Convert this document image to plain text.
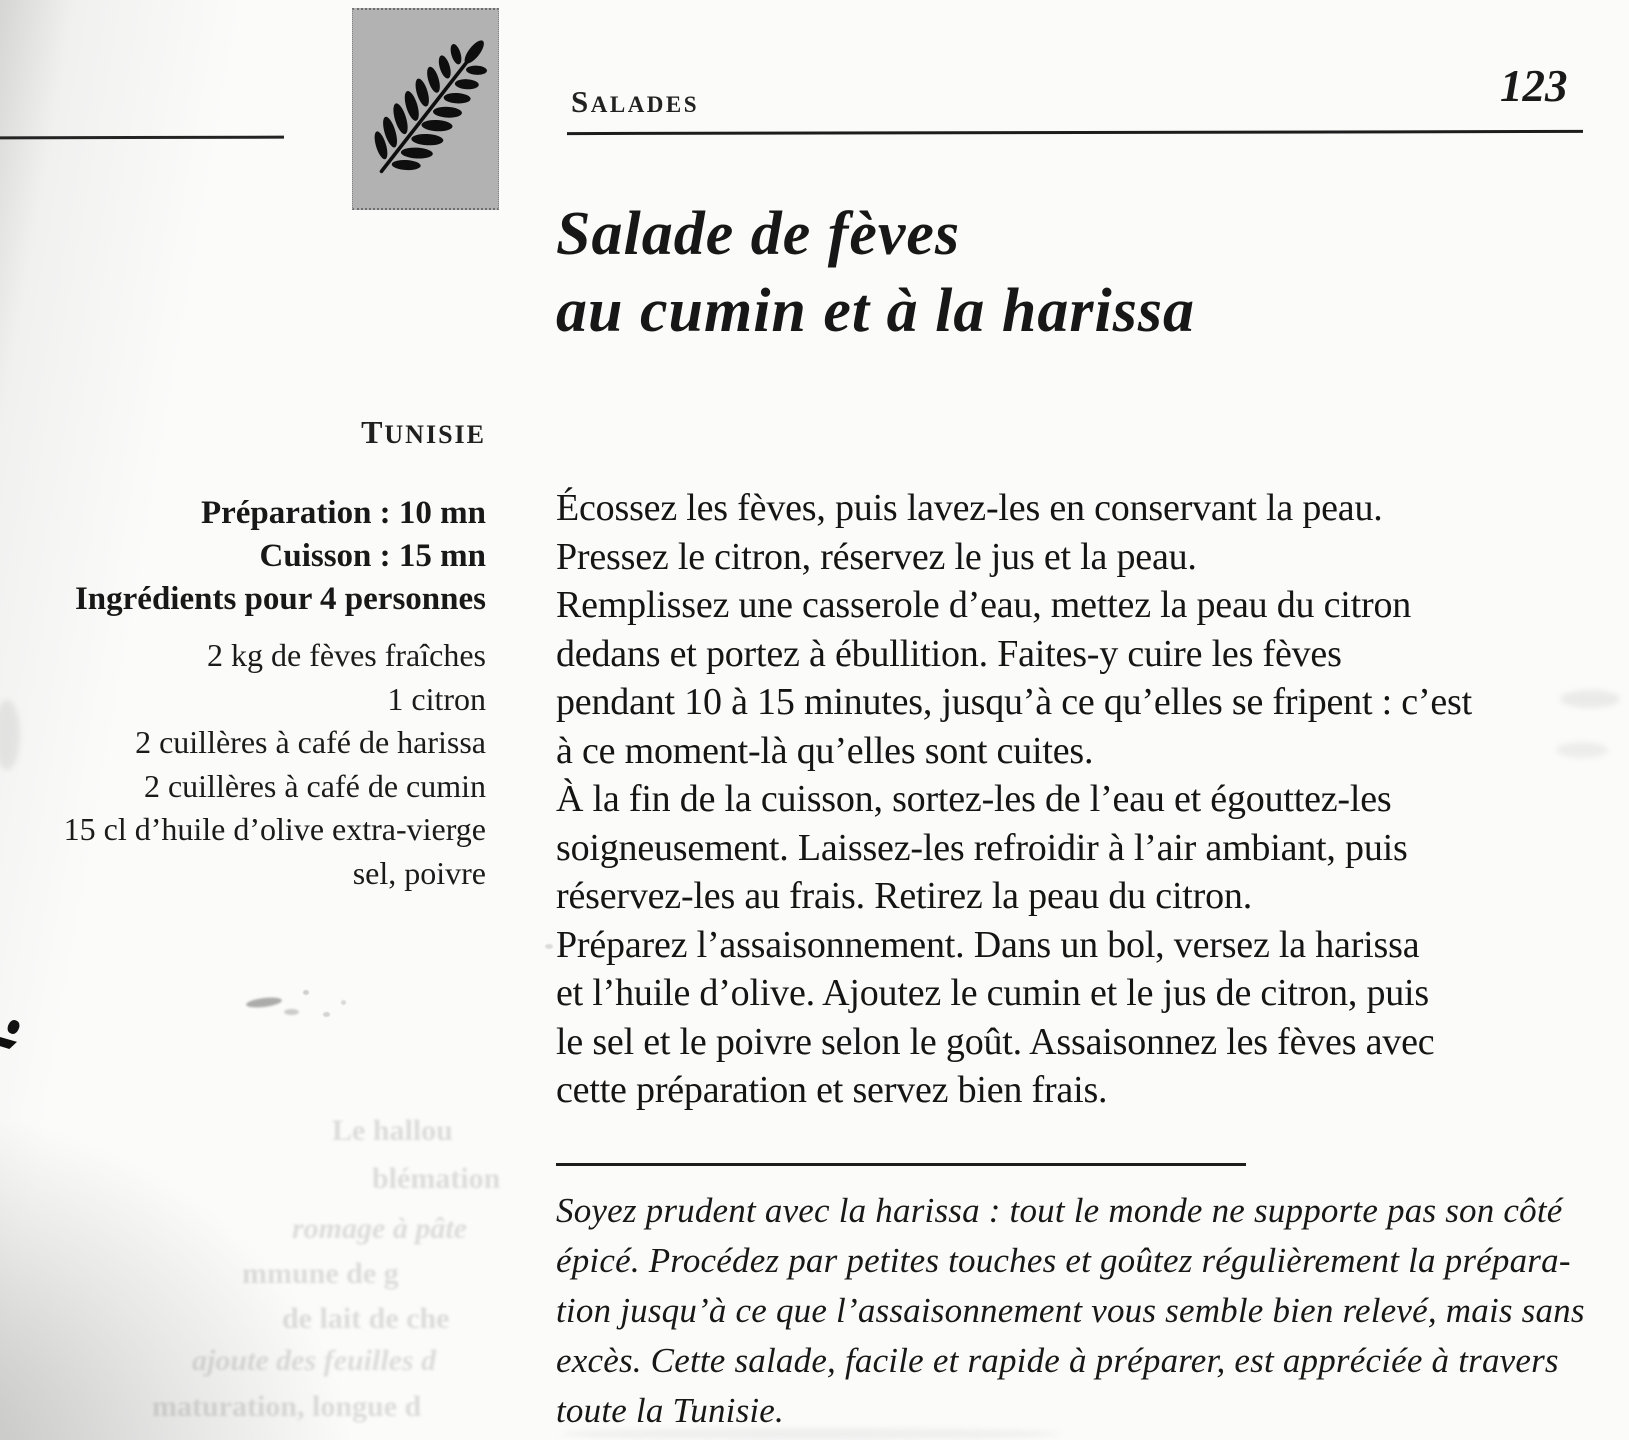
SALADES	123
Salade de fèves
au cumin et à la harissa
TUNISIE
Préparation : 10 mn
Cuisson : 15 mn
Ingrédients pour 4 personnes
2 kg de fèves fraîches
1 citron
2 cuillères à café de harissa
2 cuillères à café de cumin
15 cl d’huile d’olive extra-vierge
sel, poivre
Écossez les fèves, puis lavez-les en conservant la peau.
Pressez le citron, réservez le jus et la peau.
Remplissez une casserole d’eau, mettez la peau du citron
dedans et portez à ébullition. Faites-y cuire les fèves
pendant 10 à 15 minutes, jusqu’à ce qu’elles se fripent : c’est
à ce moment-là qu’elles sont cuites.
À la fin de la cuisson, sortez-les de l’eau et égouttez-les
soigneusement. Laissez-les refroidir à l’air ambiant, puis
réservez-les au frais. Retirez la peau du citron.
Préparez l’assaisonnement. Dans un bol, versez la harissa
et l’huile d’olive. Ajoutez le cumin et le jus de citron, puis
le sel et le poivre selon le goût. Assaisonnez les fèves avec
cette préparation et servez bien frais.
Soyez prudent avec la harissa : tout le monde ne supporte pas son côté
épicé. Procédez par petites touches et goûtez régulièrement la prépara-
tion jusqu’à ce que l’assaisonnement vous semble bien relevé, mais sans
excès. Cette salade, facile et rapide à préparer, est appréciée à travers
toute la Tunisie.
Le hallou
blémation
romage à pâte
mmune de g
de lait de che
ajoute des feuilles d
maturation, longue d
